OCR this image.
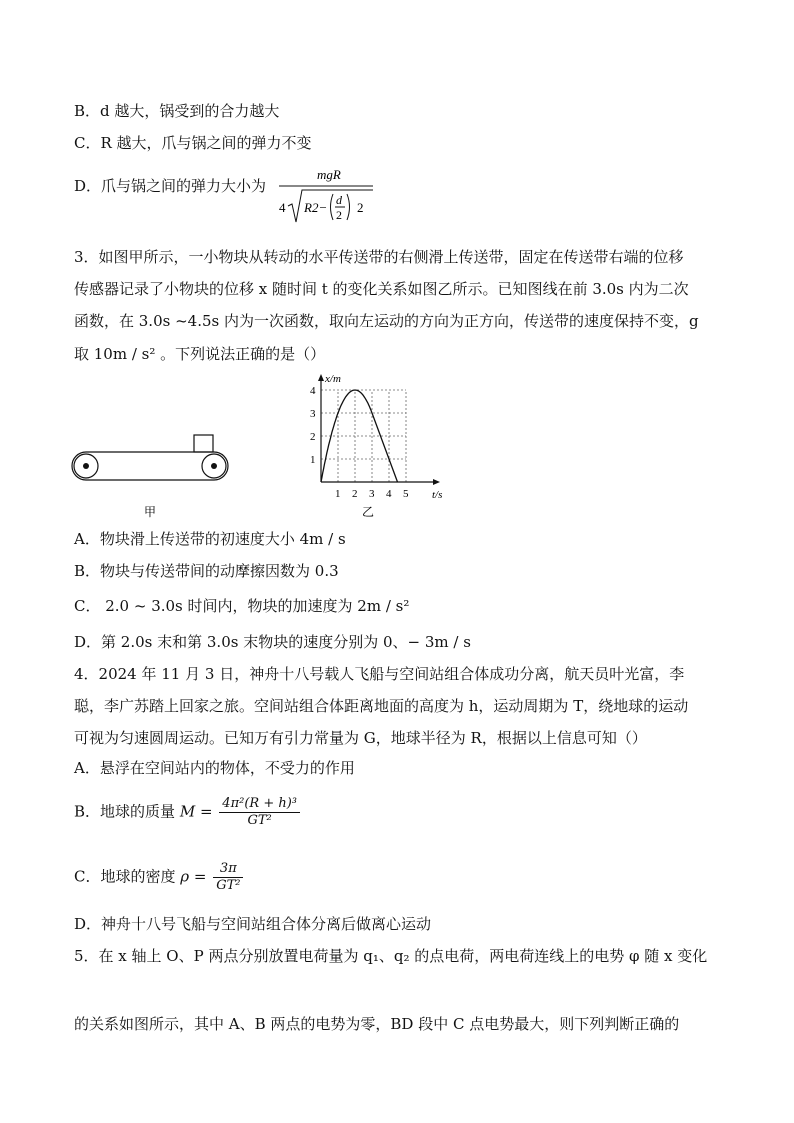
B．d 越大，锅受到的合力越大
C．R 越大，爪与锅之间的弹力不变
D．爪与锅之间的弹力大小为
mgR
4 R2− d
2 2
3．如图甲所示，一小物块从转动的水平传送带的右侧滑上传送带，固定在传送带右端的位移
传感器记录了小物块的位移 x 随时间 t 的变化关系如图乙所示。已知图线在前 3.0s 内为二次
函数，在 3.0s ~4.5s 内为一次函数，取向左运动的方向为正方向，传送带的速度保持不变，g
取 10m / s² 。下列说法正确的是（）
甲
x/m
t/s
1 2 3 4 5
1
2
3
4
乙
A．物块滑上传送带的初速度大小 4m / s
B．物块与传送带间的动摩擦因数为 0.3
C． 2.0 ~ 3.0s 时间内，物块的加速度为 2m / s²
D．第 2.0s 末和第 3.0s 末物块的速度分别为 0、− 3m / s
4．2024 年 11 月 3 日，神舟十八号载人飞船与空间站组合体成功分离，航天员叶光富，李
聪，李广苏踏上回家之旅。空间站组合体距离地面的高度为 h，运动周期为 T，绕地球的运动
可视为匀速圆周运动。已知万有引力常量为 G，地球半径为 R，根据以上信息可知（）
A．悬浮在空间站内的物体，不受力的作用
B．地球的质量 $M = \frac{\text{4π²(R + h)³}}{\text{GT²}}$
C．地球的密度 $\rho = \frac{3\pi}{\text{GT²}}$
D．神舟十八号飞船与空间站组合体分离后做离心运动
5．在 x 轴上 O、P 两点分别放置电荷量为 q₁、q₂ 的点电荷，两电荷连线上的电势 φ 随 x 变化
的关系如图所示，其中 A、B 两点的电势为零，BD 段中 C 点电势最大，则下列判断正确的
